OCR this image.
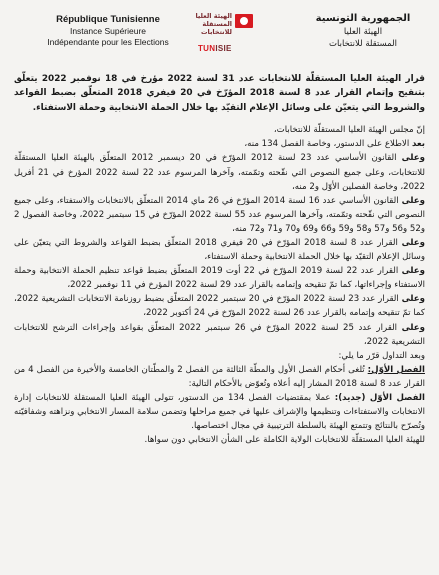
République Tunisienne
Instance Supérieure
Indépendante pour les Elections
الهيئة العليا المستقلة للانتخابات
TUNISIE
الجمهورية التونسية
الهيئة العليا
المستقلة للانتخابات

قرار الهيئة العليا المستقلّة للانتخابات عدد 31 لسنة 2022 مؤرخ في 18 نوفمبر 2022 يتعلّق بتنقيح وإتمام القرار عدد 8 لسنة 2018 المؤرّخ في 20 فيفري 2018 المتعلّق بضبط القواعد والشروط التي يتعيّن على وسائل الإعلام التقيّد بها خلال الحملة الانتخابية وحملة الاستفتاء.

إنّ مجلس الهيئة العليا المستقلّة للانتخابات،

بعد الاطلاع على الدستور، وخاصة الفصل 134 منه،

وعلى القانون الأساسي عدد 23 لسنة 2012 المؤرّخ في 20 ديسمبر 2012 المتعلّق بالهيئة العليا المستقلّة للانتخابات، وعلى جميع النصوص التي نقّحته وتمّمته، وآخرها المرسوم عدد 22 لسنة 2022 المؤرخ في 21 أفريل 2022، وخاصة الفصلين الأوّل و2 منه،

وعلى القانون الأساسي عدد 16 لسنة 2014 المؤرّخ في 26 ماي 2014 المتعلّق بالانتخابات والاستفتاء، وعلى جميع النصوص التي نقّحته وتمّمته، وآخرها المرسوم عدد 55 لسنة 2022 المؤرّخ في 15 سبتمبر 2022، وخاصة الفصول 2 و52 و56 و57 و58 و59 و66 و69 و70 و71 و72 منه،

وعلى القرار عدد 8 لسنة 2018 المؤرّخ في 20 فيفري 2018 المتعلّق بضبط القواعد والشروط التي يتعيّن على وسائل الإعلام التقيّد بها خلال الحملة الانتخابية وحملة الاستفتاء،

وعلى القرار عدد 22 لسنة 2019 المؤرّخ في 22 أوت 2019 المتعلّق بضبط قواعد تنظيم الحملة الانتخابية وحملة الاستفتاء وإجراءاتها، كما تمّ تنقيحه وإتمامه بالقرار عدد 29 لسنة 2022 المؤرخ في 11 نوفمبر 2022،

وعلى القرار عدد 23 لسنة 2022 المؤرّخ في 20 سبتمبر 2022 المتعلّق بضبط روزنامة الانتخابات التشريعية 2022، كما تمّ تنقيحه وإتمامه بالقرار عدد 26 لسنة 2022 المؤرّخ في 24 أكتوبر 2022،

وعلى القرار عدد 25 لسنة 2022 المؤرّخ في 26 سبتمبر 2022 المتعلّق بقواعد وإجراءات الترشح للانتخابات التشريعية 2022،

وبعد التداول قرّر ما يلي:

الفصل الأوّل: تُلغى أحكام الفصل الأول والمطّة الثالثة من الفصل 2 والمطّتان الخامسة والأخيرة من الفصل 4 من القرار عدد 8 لسنة 2018 المشار إليه أعلاه وتُعوّض بالأحكام التالية:

الفصل الأوّل (جديد): عملا بمقتضيات الفصل 134 من الدستور، تتولى الهيئة العليا المستقلة للانتخابات إدارة الانتخابات والاستفتاءات وتنظيمها والإشراف عليها في جميع مراحلها وتضمن سلامة المسار الانتخابي ونزاهته وشفافيّته وتُصرّح بالنتائج وتتمتع الهيئة بالسلطة الترتيبية في مجال اختصاصها.

للهيئة العليا المستقلّة للانتخابات الولاية الكاملة على الشأن الانتخابي دون سواها.
